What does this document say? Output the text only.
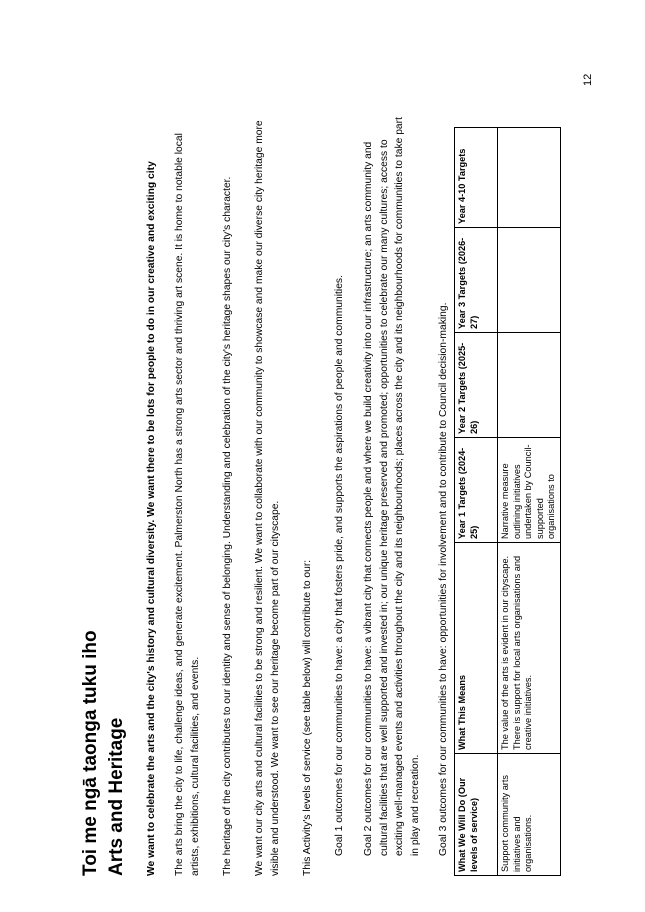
Toi me ngā taonga tuku iho Arts and Heritage We want to celebrate the arts and the city's history and cultural diversity. We want there to be lots for people to do in our creative and exciting city The arts bring the city to life, challenge ideas, and generate excitement. Palmerston North has a strong arts sector and thriving art scene. It is home to notable local artists, exhibitions, cultural facilities, and events. The heritage of the city contributes to our identity and sense of belonging. Understanding and celebration of the city's heritage shapes our city's character. We want our city arts and cultural facilities to be strong and resilient. We want to collaborate with our community to showcase and make our diverse city heritage more visible and understood. We want to see our heritage become part of our cityscape. This Activity's levels of service (see table below) will contribute to our: Goal 1 outcomes for our communities to have: a city that fosters pride, and supports the aspirations of people and communities. Goal 2 outcomes for our communities to have: a vibrant city that connects people and where we build creativity into our infrastructure; an arts community and cultural facilities that are well supported and invested in; our unique heritage preserved and promoted; opportunities to celebrate our many cultures; access to exciting well-managed events and activities throughout the city and its neighbourhoods; places across the city and its neighbourhoods for communities to take part in play and recreation. Goal 3 outcomes for our communities to have: opportunities for involvement and to contribute to Council decision-making. What We Will Do (Our levels of service)	What This Means	Year 1 Targets (2024-25)	Year 2 Targets (2025-26)	Year 3 Targets (2026-27)	Year 4-10 Targets
Support community arts initiatives and organisations.	The value of the arts is evident in our cityscape. There is support for local arts organisations and creative initiatives.	Narrative measure outlining initiatives undertaken by Council-supported organisations to			
12
